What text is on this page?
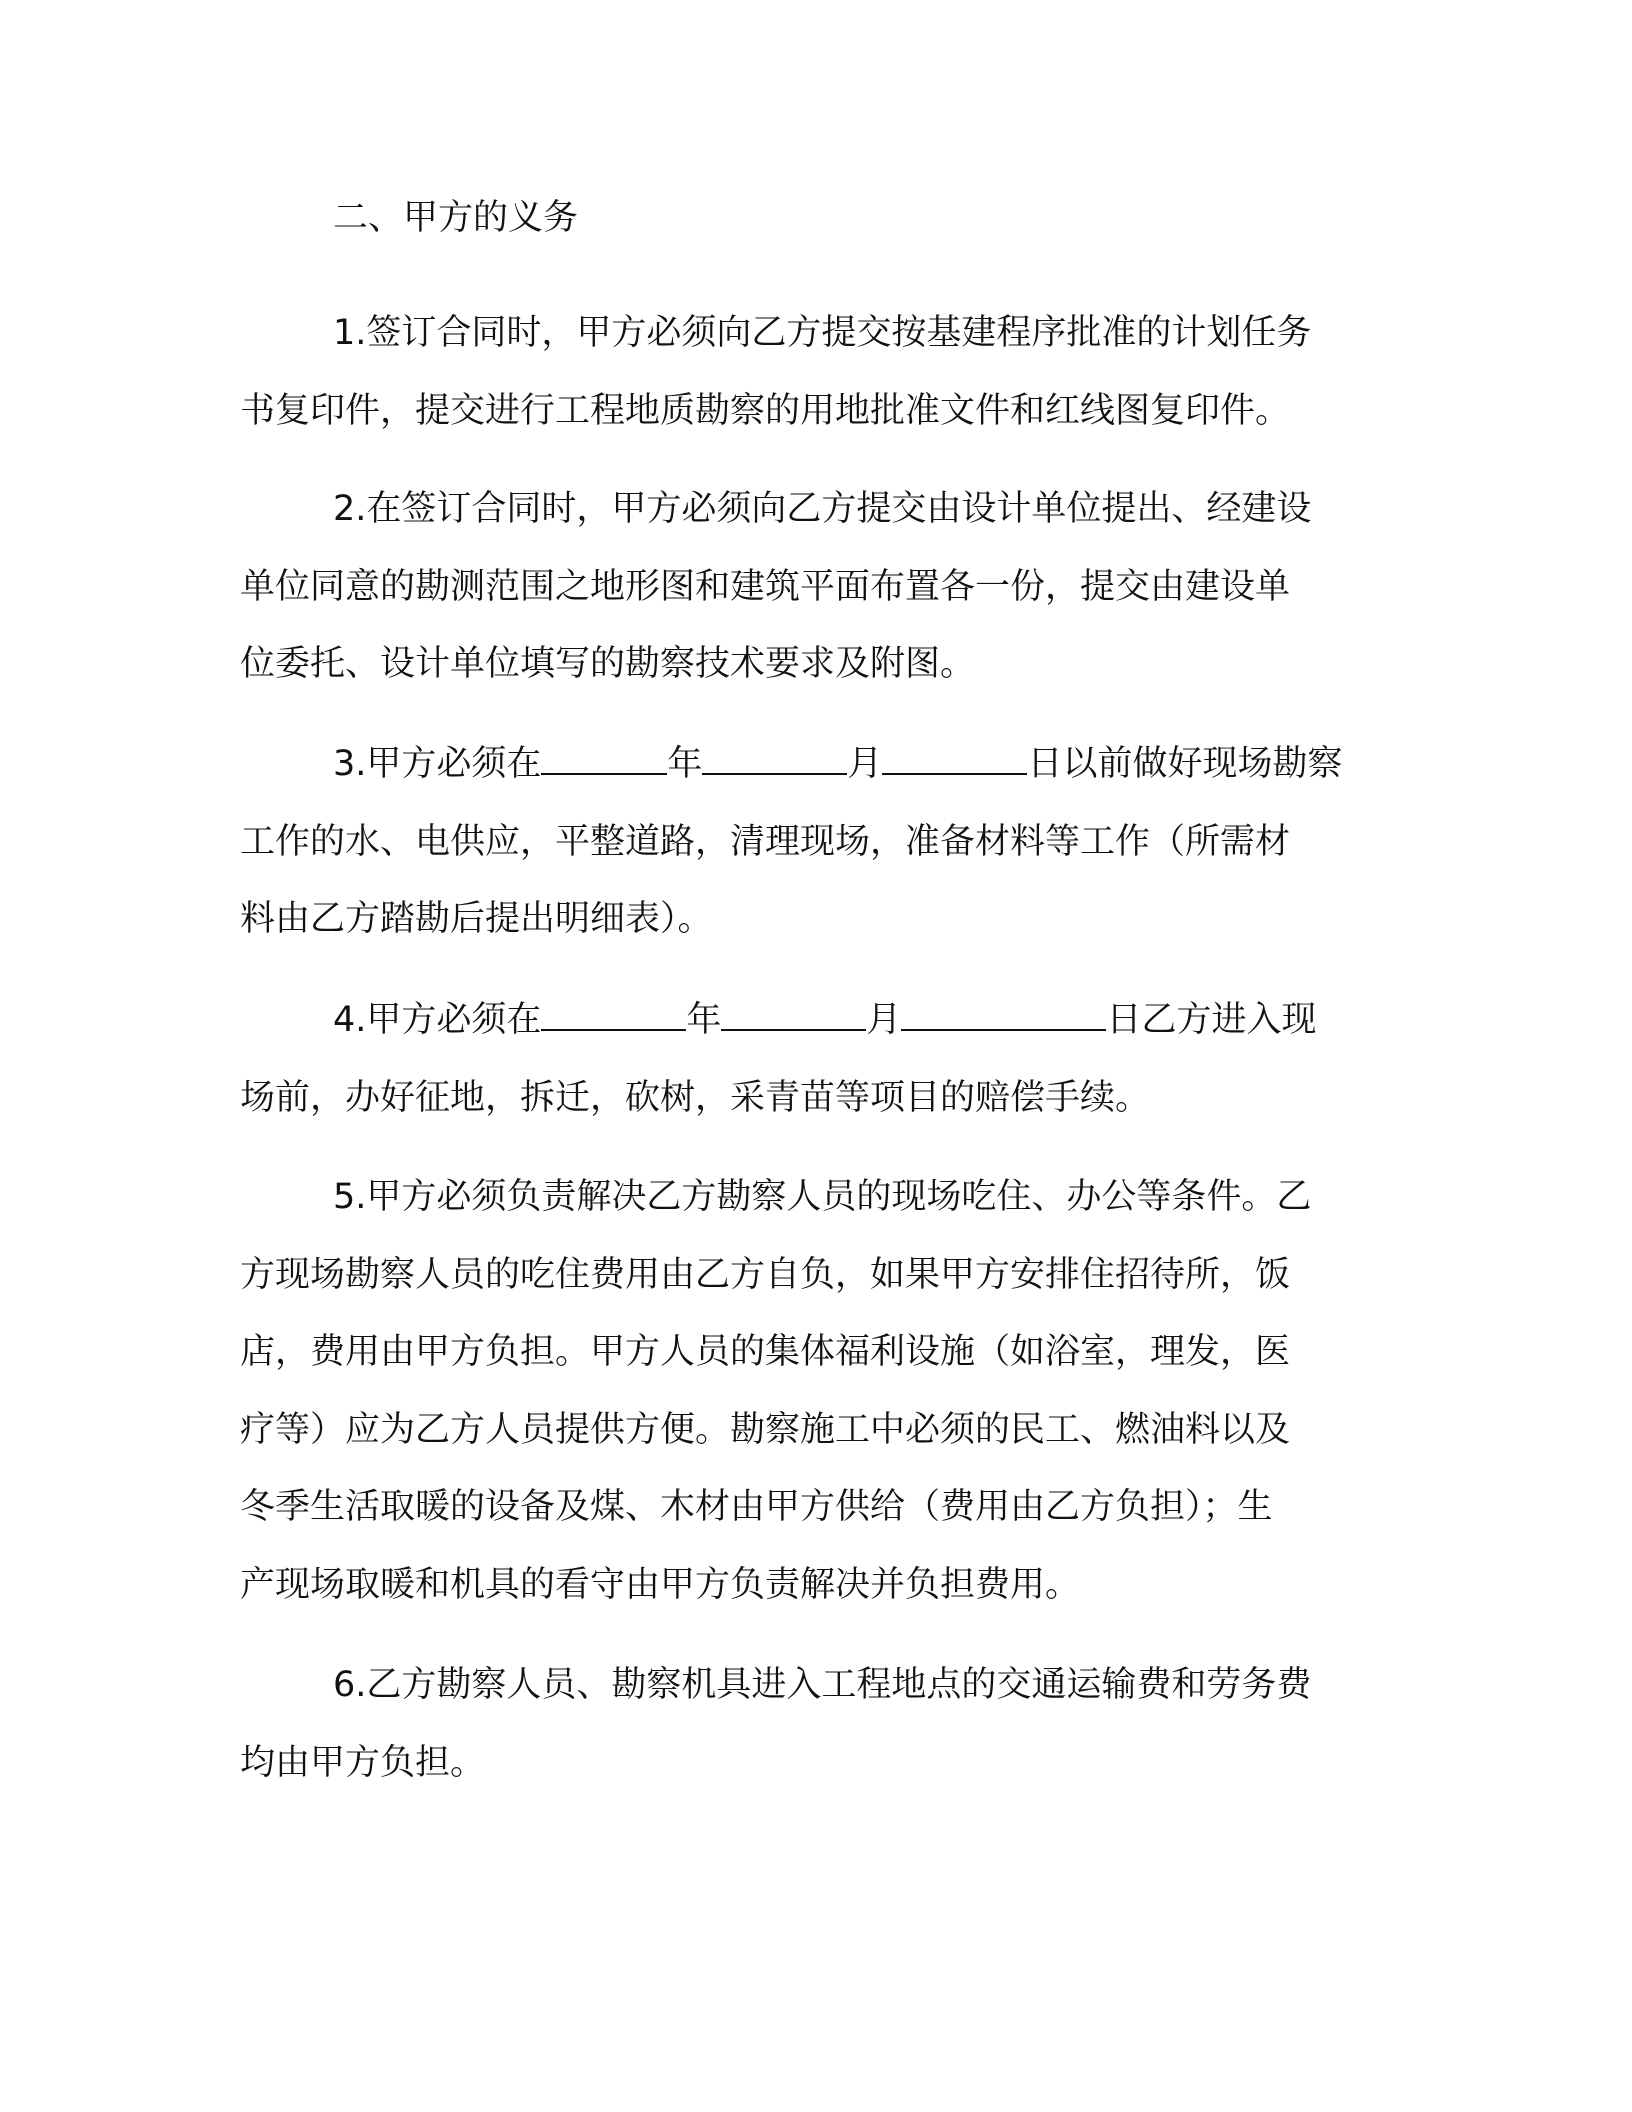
二、甲方的义务
1.签订合同时，甲方必须向乙方提交按基建程序批准的计划任务
书复印件，提交进行工程地质勘察的用地批准文件和红线图复印件。
2.在签订合同时，甲方必须向乙方提交由设计单位提出、经建设
单位同意的勘测范围之地形图和建筑平面布置各一份，提交由建设单
位委托、设计单位填写的勘察技术要求及附图。
3.甲方必须在	年	月	日以前做好现场勘察
工作的水、电供应，平整道路，清理现场，准备材料等工作（所需材
料由乙方踏勘后提出明细表）。
4.甲方必须在	年	月	日乙方进入现
场前，办好征地，拆迁，砍树，采青苗等项目的赔偿手续。
5.甲方必须负责解决乙方勘察人员的现场吃住、办公等条件。乙
方现场勘察人员的吃住费用由乙方自负，如果甲方安排住招待所，饭
店，费用由甲方负担。甲方人员的集体福利设施（如浴室，理发，医
疗等）应为乙方人员提供方便。勘察施工中必须的民工、燃油料以及
冬季生活取暖的设备及煤、木材由甲方供给（费用由乙方负担）；生
产现场取暖和机具的看守由甲方负责解决并负担费用。
6.乙方勘察人员、勘察机具进入工程地点的交通运输费和劳务费
均由甲方负担。
